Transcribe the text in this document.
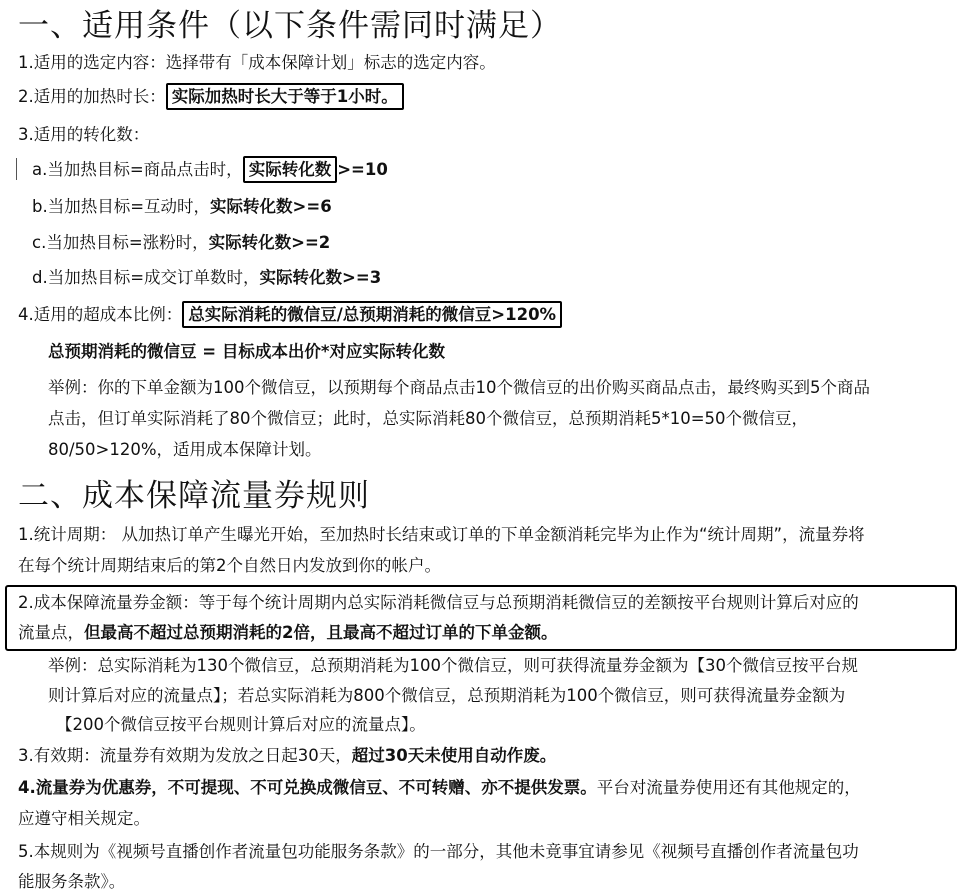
一、适用条件（以下条件需同时满足）
1.适用的选定内容：选择带有「成本保障计划」标志的选定内容。
2.适用的加热时长： 实际加热时长大于等于1小时。
3.适用的转化数：
a.当加热目标=商品点击时， 实际转化数 >=10
b.当加热目标=互动时，实际转化数>=6
c.当加热目标=涨粉时，实际转化数>=2
d.当加热目标=成交订单数时，实际转化数>=3
4.适用的超成本比例： 总实际消耗的微信豆/总预期消耗的微信豆>120%
总预期消耗的微信豆 = 目标成本出价*对应实际转化数
举例：你的下单金额为100个微信豆，以预期每个商品点击10个微信豆的出价购买商品点击，最终购买到5个商品
点击，但订单实际消耗了80个微信豆；此时，总实际消耗80个微信豆，总预期消耗5*10=50个微信豆，
80/50>120%，适用成本保障计划。
二、成本保障流量券规则
1.统计周期： 从加热订单产生曝光开始，至加热时长结束或订单的下单金额消耗完毕为止作为“统计周期”，流量券将
在每个统计周期结束后的第2个自然日内发放到你的帐户。
2.成本保障流量券金额：等于每个统计周期内总实际消耗微信豆与总预期消耗微信豆的差额按平台规则计算后对应的
流量点，但最高不超过总预期消耗的2倍，且最高不超过订单的下单金额。
举例：总实际消耗为130个微信豆，总预期消耗为100个微信豆，则可获得流量券金额为【30个微信豆按平台规
则计算后对应的流量点】；若总实际消耗为800个微信豆，总预期消耗为100个微信豆，则可获得流量券金额为
【200个微信豆按平台规则计算后对应的流量点】。
3.有效期：流量券有效期为发放之日起30天，超过30天未使用自动作废。
4.流量券为优惠券，不可提现、不可兑换成微信豆、不可转赠、亦不提供发票。平台对流量券使用还有其他规定的，
应遵守相关规定。
5.本规则为《视频号直播创作者流量包功能服务条款》的一部分，其他未竟事宜请参见《视频号直播创作者流量包功
能服务条款》。
